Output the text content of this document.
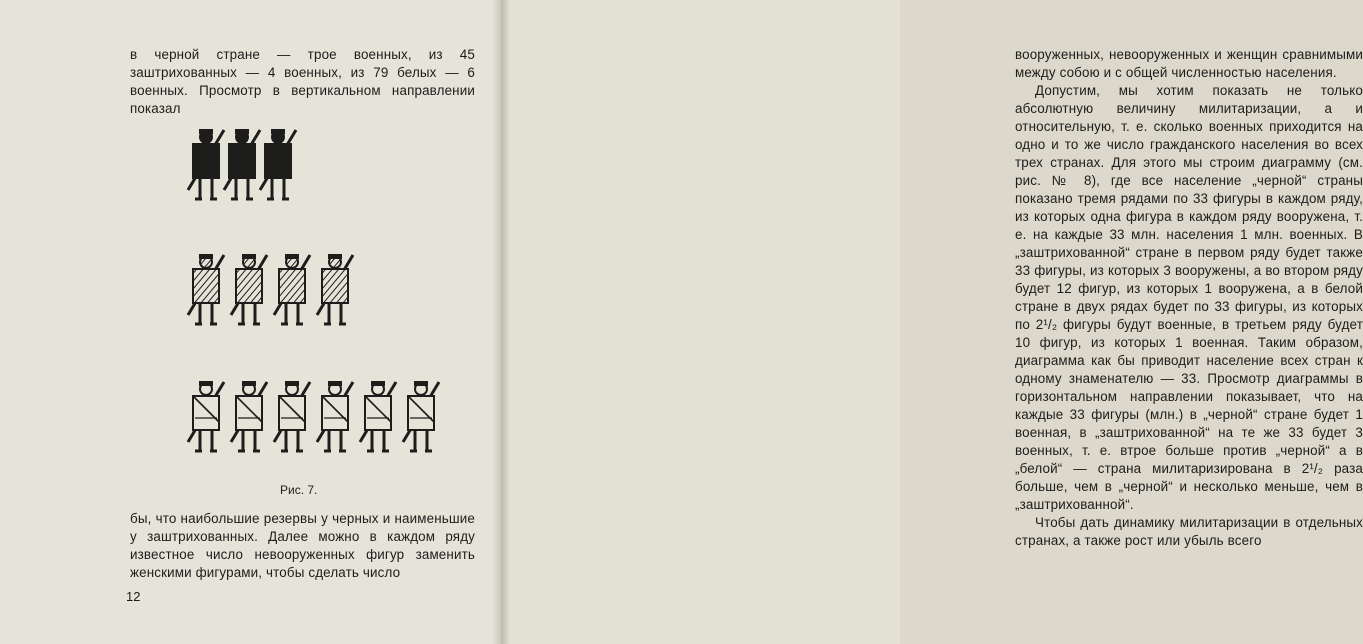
в черной стране — трое военных, из 45 заштрихованных — 4 военных, из 79 белых — 6 военных. Просмотр в вертикальном направлении показал
Рис. 7.
бы, что наибольшие резервы у черных и наименьшие у заштрихованных. Далее можно в каждом ряду известное число невооруженных фигур заменить женскими фигурами, чтобы сделать число
12

вооруженных, невооруженных и женщин сравнимыми между собою и с общей численностью населения.

Допустим, мы хотим показать не только абсолютную величину милитаризации, а и относительную, т. е. сколько военных приходится на одно и то же число гражданского населения во всех трех странах. Для этого мы строим диаграмму (см. рис. № 8), где все население „черной“ страны показано тремя рядами по 33 фигуры в каждом ряду, из которых одна фигура в каждом ряду вооружена, т. е. на каждые 33 млн. населения 1 млн. военных. В „заштрихованной“ стране в первом ряду будет также 33 фигуры, из которых 3 вооружены, а во втором ряду будет 12 фигур, из которых 1 вооружена, а в белой стране в двух рядах будет по 33 фигуры, из которых по 2¹/₂ фигуры будут военные, в третьем ряду будет 10 фигур, из которых 1 военная. Таким образом, диаграмма как бы приводит население всех стран к одному знаменателю — 33. Просмотр диаграммы в горизонтальном направлении показывает, что на каждые 33 фигуры (млн.) в „черной“ стране будет 1 военная, в „заштрихованной“ на те же 33 будет 3 военных, т. е. втрое больше против „черной“ а в „белой“ — страна милитаризирована в 2¹/₂ раза больше, чем в „черной“ и несколько меньше, чем в „заштрихованной“.

Чтобы дать динамику милитаризации в отдельных странах, а также рост или убыль всего
